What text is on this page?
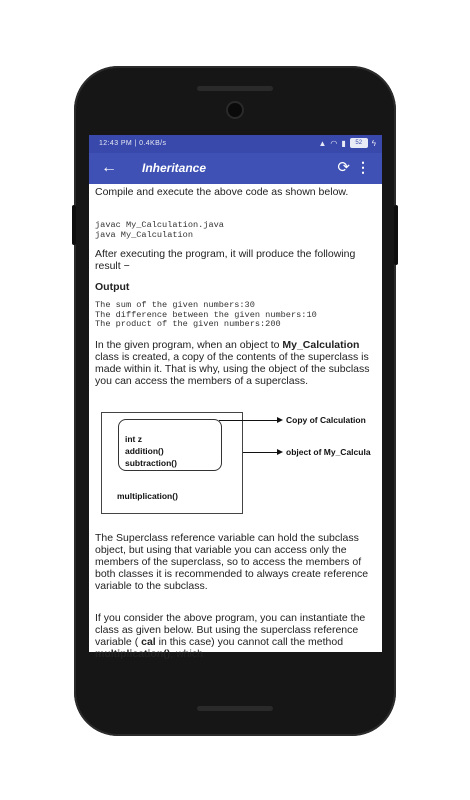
12:43 PM | 0.4KB/s	▲ ◠ ▮	52	ϟ
← Inheritance	⟳ ⋮
Compile and execute the above code as shown below.
javac My_Calculation.java
java My_Calculation
After executing the program, it will produce the following result −
Output
The sum of the given numbers:30
The difference between the given numbers:10
The product of the given numbers:200
In the given program, when an object to My_Calculation class is created, a copy of the contents of the superclass is made within it. That is why, using the object of the subclass you can access the members of a superclass.
int z
addition()
subtraction()
multiplication()
Copy of Calculation
object of My_Calcula
The Superclass reference variable can hold the subclass object, but using that variable you can access only the members of the superclass, so to access the members of both classes it is recommended to always create reference variable to the subclass.
If you consider the above program, you can instantiate the class as given below. But using the superclass reference variable ( cal in this case) you cannot call the method multiplication(), which
